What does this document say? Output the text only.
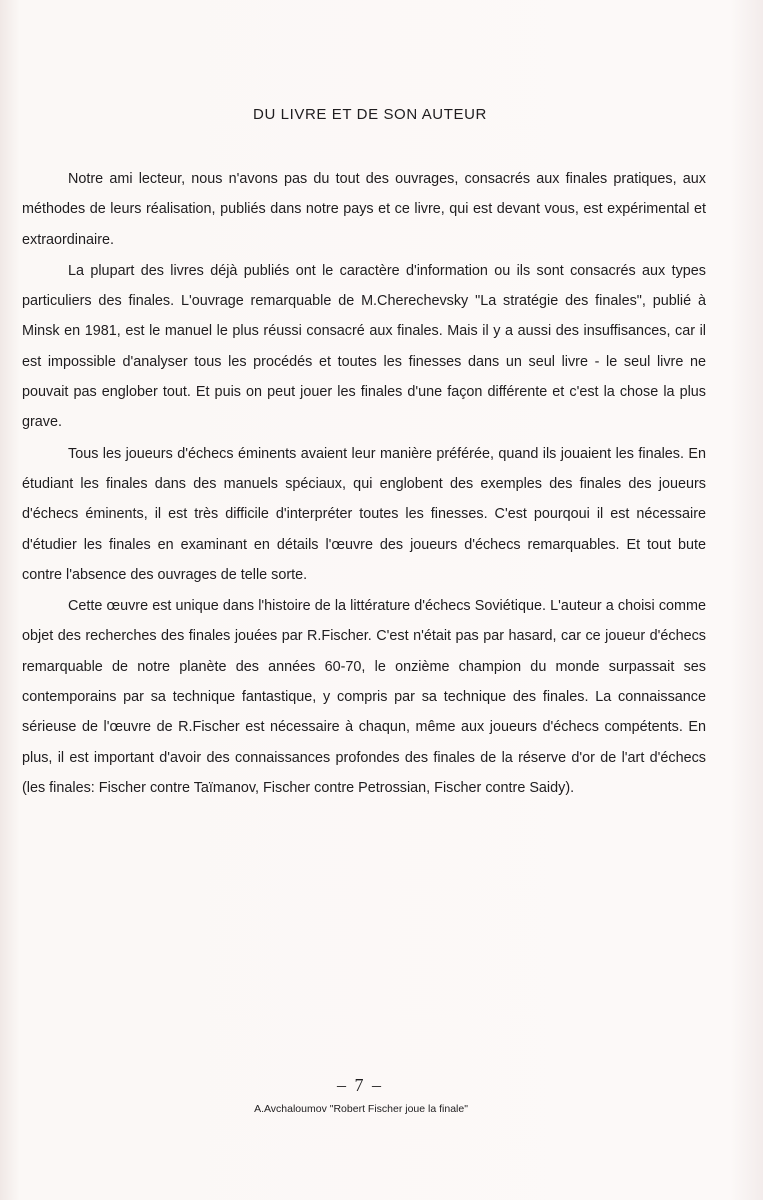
DU LIVRE ET DE SON AUTEUR

Notre ami lecteur, nous n'avons pas du tout des ouvrages, consacrés aux finales pratiques, aux méthodes de leurs réalisation, publiés dans notre pays et ce livre, qui est devant vous, est expérimental et extraordinaire.

La plupart des livres déjà publiés ont le caractère d'information ou ils sont consacrés aux types particuliers des finales. L'ouvrage remarquable de M.Cherechevsky "La stratégie des finales", publié à Minsk en 1981, est le manuel le plus réussi consacré aux finales. Mais il y a aussi des insuffisances, car il est impossible d'analyser tous les procédés et toutes les finesses dans un seul livre - le seul livre ne pouvait pas englober tout. Et puis on peut jouer les finales d'une façon différente et c'est la chose la plus grave.

Tous les joueurs d'échecs éminents avaient leur manière préférée, quand ils jouaient les finales. En étudiant les finales dans des manuels spéciaux, qui englobent des exemples des finales des joueurs d'échecs éminents, il est très difficile d'interpréter toutes les finesses. C'est pourqoui il est nécessaire d'étudier les finales en examinant en détails l'œuvre des joueurs d'échecs remarquables. Et tout bute contre l'absence des ouvrages de telle sorte.

Cette œuvre est unique dans l'histoire de la littérature d'échecs Soviétique. L'auteur a choisi comme objet des recherches des finales jouées par R.Fischer. C'est n'était pas par hasard, car ce joueur d'échecs remarquable de notre planète des années 60-70, le onzième champion du monde surpassait ses contemporains par sa technique fantastique, y compris par sa technique des finales. La connaissance sérieuse de l'œuvre de R.Fischer est nécessaire à chaqun, même aux joueurs d'échecs compétents. En plus, il est important d'avoir des connaissances profondes des finales de la réserve d'or de l'art d'échecs (les finales: Fischer contre Taïmanov, Fischer contre Petrossian, Fischer contre Saidy).

– 7 –
A.Avchaloumov "Robert Fischer joue la finale"
